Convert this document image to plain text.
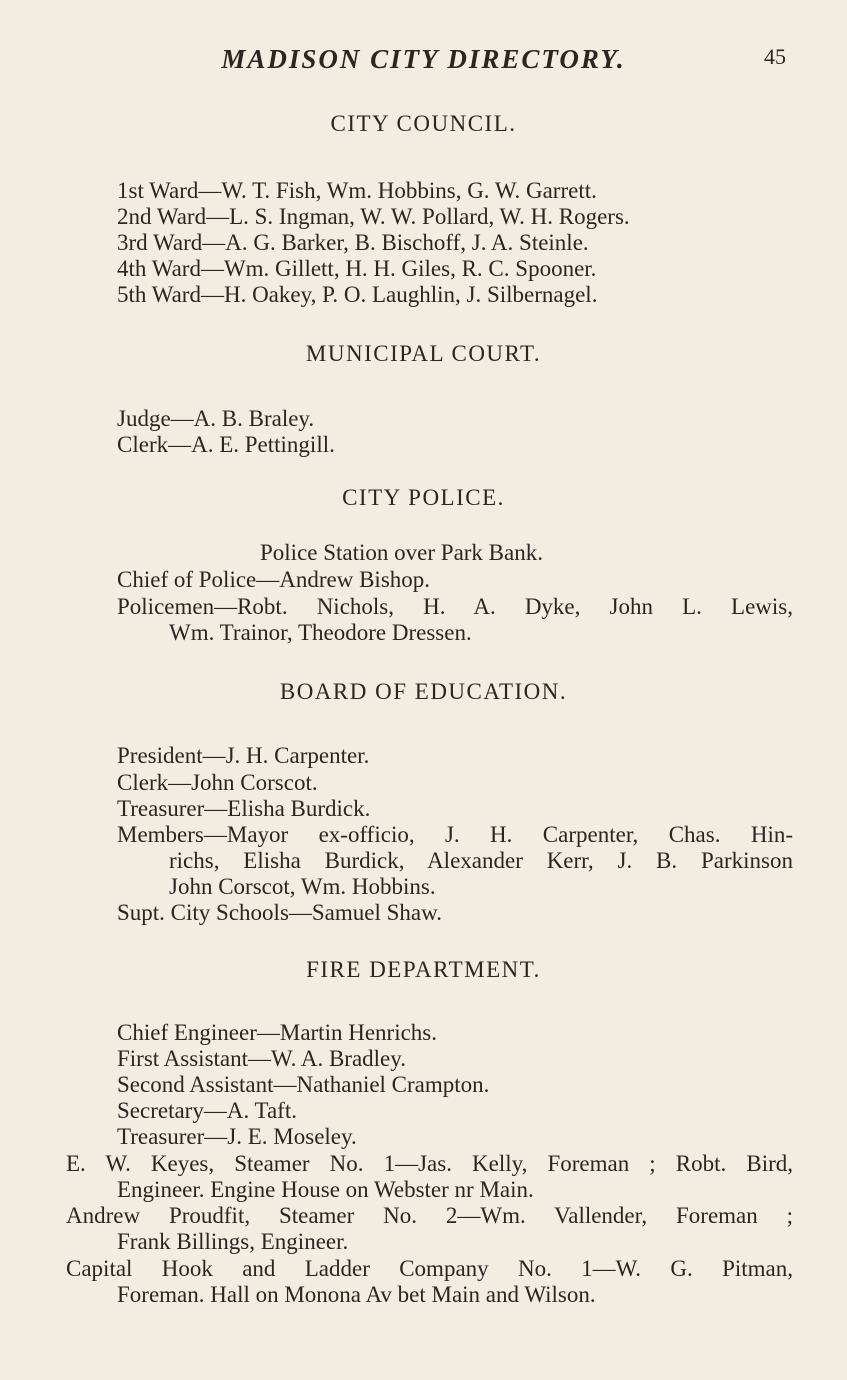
MADISON CITY DIRECTORY.	45
CITY COUNCIL.
1st Ward—W. T. Fish, Wm. Hobbins, G. W. Garrett.
2nd Ward—L. S. Ingman, W. W. Pollard, W. H. Rogers.
3rd Ward—A. G. Barker, B. Bischoff, J. A. Steinle.
4th Ward—Wm. Gillett, H. H. Giles, R. C. Spooner.
5th Ward—H. Oakey, P. O. Laughlin, J. Silbernagel.
MUNICIPAL COURT.
Judge—A. B. Braley.
Clerk—A. E. Pettingill.
CITY POLICE.
Police Station over Park Bank.
Chief of Police—Andrew Bishop.
Policemen—Robt. Nichols, H. A. Dyke, John L. Lewis,
Wm. Trainor, Theodore Dressen.
BOARD OF EDUCATION.
President—J. H. Carpenter.
Clerk—John Corscot.
Treasurer—Elisha Burdick.
Members—Mayor ex-officio, J. H. Carpenter, Chas. Hin-
richs, Elisha Burdick, Alexander Kerr, J. B. Parkinson
John Corscot, Wm. Hobbins.
Supt. City Schools—Samuel Shaw.
FIRE DEPARTMENT.
Chief Engineer—Martin Henrichs.
First Assistant—W. A. Bradley.
Second Assistant—Nathaniel Crampton.
Secretary—A. Taft.
Treasurer—J. E. Moseley.
E. W. Keyes, Steamer No. 1—Jas. Kelly, Foreman ; Robt. Bird,
Engineer. Engine House on Webster nr Main.
Andrew Proudfit, Steamer No. 2—Wm. Vallender, Foreman ;
Frank Billings, Engineer.
Capital Hook and Ladder Company No. 1—W. G. Pitman,
Foreman. Hall on Monona Av bet Main and Wilson.
